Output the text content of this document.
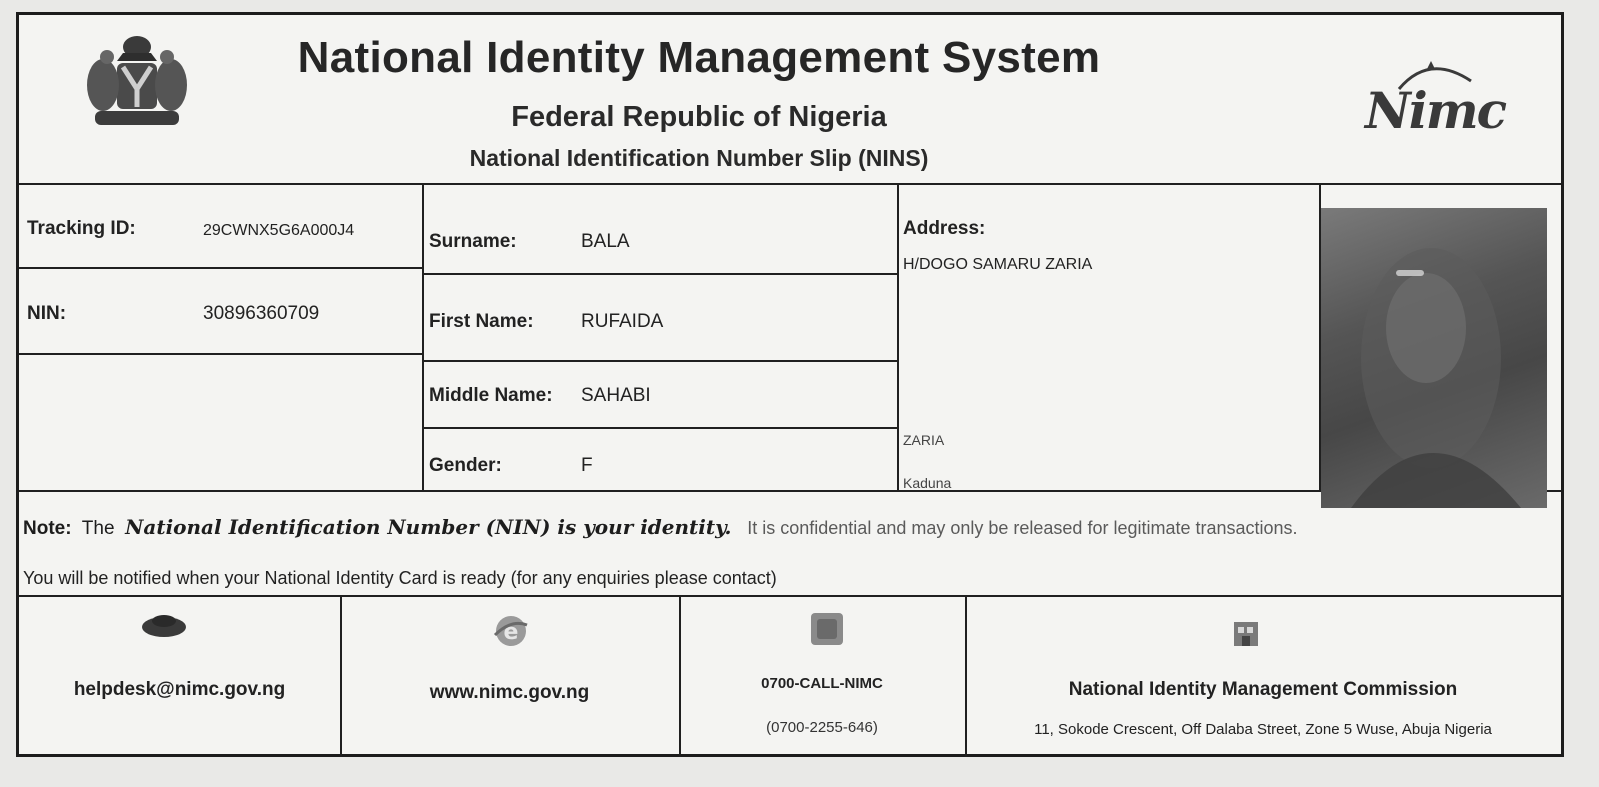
National Identity Management System
Federal Republic of Nigeria
National Identification Number Slip (NINS)
Nimc
Tracking ID:	29CWNX5G6A000J4
NIN:	30896360709
Surname:	BALA
First Name: RUFAIDA
Middle Name: SAHABI
Gender:	F
Address:
H/DOGO SAMARU ZARIA
ZARIA
Kaduna
Note: The National Identification Number (NIN) is your identity. It is confidential and may only be released for legitimate transactions.
You will be notified when your National Identity Card is ready (for any enquiries please contact)
helpdesk@nimc.gov.ng
e
www.nimc.gov.ng	0700-CALL-NIMC
(0700-2255-646)
National Identity Management Commission
11, Sokode Crescent, Off Dalaba Street, Zone 5 Wuse, Abuja Nigeria
